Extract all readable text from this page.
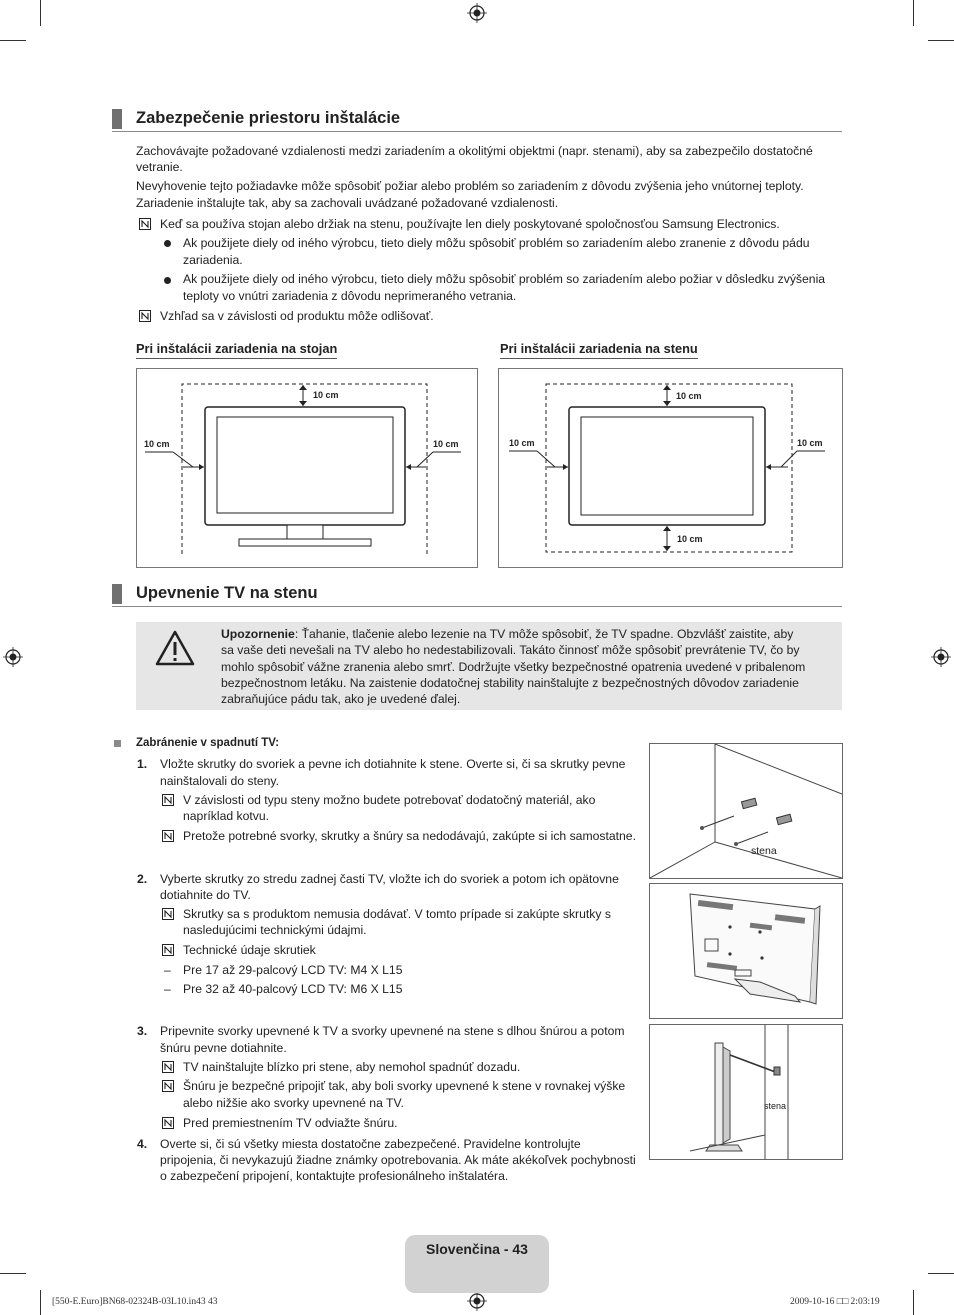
Zabezpečenie priestoru inštalácie
Zachovávajte požadované vzdialenosti medzi zariadením a okolitými objektmi (napr. stenami), aby sa zabezpečilo dostatočné
vetranie.
Nevyhovenie tejto požiadavke môže spôsobiť požiar alebo problém so zariadením z dôvodu zvýšenia jeho vnútornej teploty.
Zariadenie inštalujte tak, aby sa zachovali uvádzané požadované vzdialenosti.
Keď sa používa stojan alebo držiak na stenu, používajte len diely poskytované spoločnosťou Samsung Electronics.
Ak použijete diely od iného výrobcu, tieto diely môžu spôsobiť problém so zariadením alebo zranenie z dôvodu pádu
zariadenia.
Ak použijete diely od iného výrobcu, tieto diely môžu spôsobiť problém so zariadením alebo požiar v dôsledku zvýšenia
teploty vo vnútri zariadenia z dôvodu neprimeraného vetrania.
Vzhľad sa v závislosti od produktu môže odlišovať.
Pri inštalácii zariadenia na stojan	Pri inštalácii zariadenia na stenu
10 cm
10 cm	10 cm
10 cm
10 cm	10 cm
10 cm
Upevnenie TV na stenu
Upozornenie: Ťahanie, tlačenie alebo lezenie na TV môže spôsobiť, že TV spadne. Obzvlášť zaistite, aby
sa vaše deti nevešali na TV alebo ho nedestabilizovali. Takáto činnosť môže spôsobiť prevrátenie TV, čo by
mohlo spôsobiť vážne zranenia alebo smrť. Dodržujte všetky bezpečnostné opatrenia uvedené v pribalenom
bezpečnostnom letáku. Na zaistenie dodatočnej stability nainštalujte z bezpečnostných dôvodov zariadenie
zabraňujúce pádu tak, ako je uvedené ďalej.
Zabránenie v spadnutí TV:
1. Vložte skrutky do svoriek a pevne ich dotiahnite k stene. Overte si, či sa skrutky pevne
nainštalovali do steny.
V závislosti od typu steny možno budete potrebovať dodatočný materiál, ako
napríklad kotvu.
Pretože potrebné svorky, skrutky a šnúry sa nedodávajú, zakúpte si ich samostatne.
2. Vyberte skrutky zo stredu zadnej časti TV, vložte ich do svoriek a potom ich opätovne
dotiahnite do TV.
Skrutky sa s produktom nemusia dodávať. V tomto prípade si zakúpte skrutky s
nasledujúcimi technickými údajmi.
Technické údaje skrutiek
– Pre 17 až 29-palcový LCD TV: M4 X L15
– Pre 32 až 40-palcový LCD TV: M6 X L15
3. Pripevnite svorky upevnené k TV a svorky upevnené na stene s dlhou šnúrou a potom
šnúru pevne dotiahnite.
TV nainštalujte blízko pri stene, aby nemohol spadnúť dozadu.
Šnúru je bezpečné pripojiť tak, aby boli svorky upevnené k stene v rovnakej výške
alebo nižšie ako svorky upevnené na TV.
Pred premiestnením TV odviažte šnúru.
4. Overte si, či sú všetky miesta dostatočne zabezpečené. Pravidelne kontrolujte
pripojenia, či nevykazujú žiadne známky opotrebovania. Ak máte akékoľvek pochybnosti
o zabezpečení pripojení, kontaktujte profesionálneho inštalatéra.
stena
stena
Slovenčina - 43
[550-E.Euro]BN68-02324B-03L10.in43 43	2009-10-16 □□ 2:03:19
